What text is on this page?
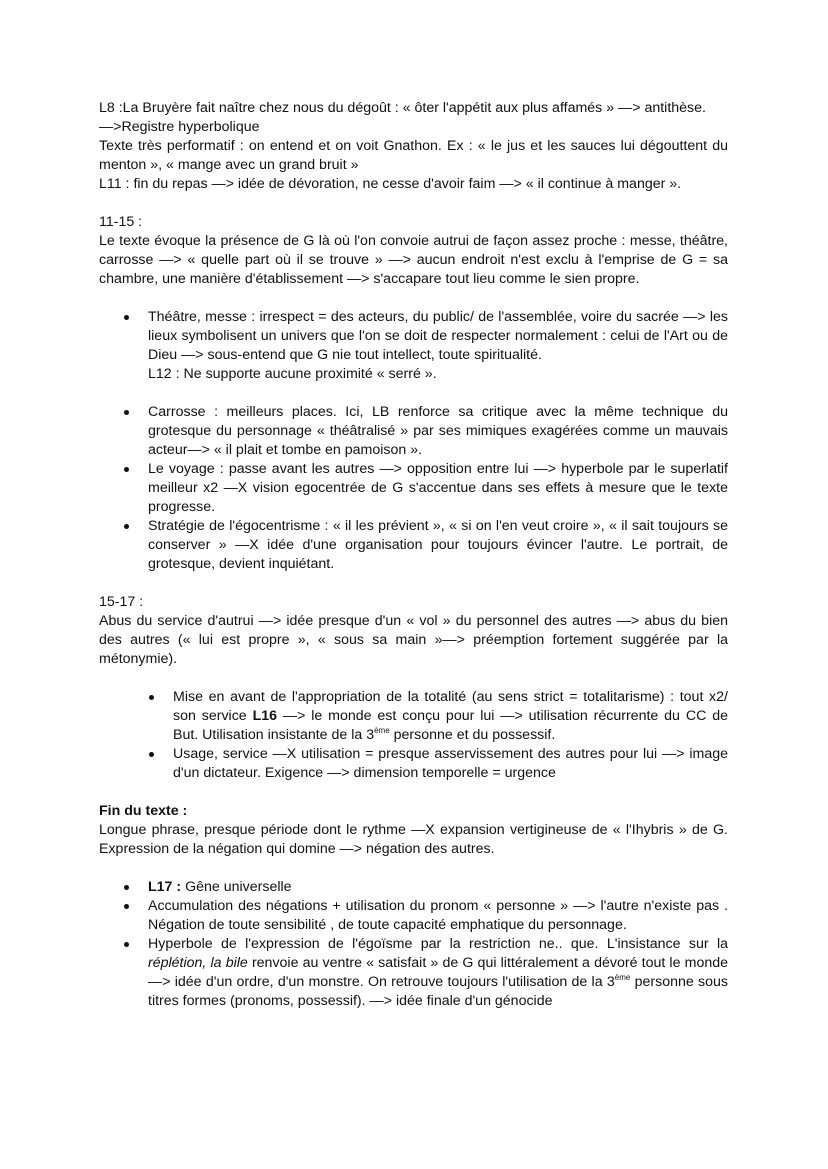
L8 :La Bruyère fait naître chez nous du dégoût : « ôter l'appétit aux plus affamés » —> antithèse.

—>Registre hyperbolique

Texte très performatif : on entend et on voit Gnathon. Ex : « le jus et les sauces lui dégouttent du menton », « mange avec un grand bruit »

L11 : fin du repas —> idée de dévoration, ne cesse d'avoir faim —> « il continue à manger ».

11-15 :

Le texte évoque la présence de G là où l'on convoie autrui de façon assez proche : messe, théâtre, carrosse —> « quelle part où il se trouve » —> aucun endroit n'est exclu à l'emprise de G = sa chambre, une manière d'établissement —> s'accapare tout lieu comme le sien propre.

Théâtre, messe : irrespect = des acteurs, du public/ de l'assemblée, voire du sacrée —> les lieux symbolisent un univers que l'on se doit de respecter normalement : celui de l'Art ou de Dieu —> sous-entend que G nie tout intellect, toute spiritualité.

L12 : Ne supporte aucune proximité « serré ».

Carrosse : meilleurs places. Ici, LB renforce sa critique avec la même technique du grotesque du personnage « théâtralisé » par ses mimiques exagérées comme un mauvais acteur—> « il plait et tombe en pamoison ».
Le voyage : passe avant les autres —> opposition entre lui —> hyperbole par le superlatif meilleur x2 —X vision egocentrée de G s'accentue dans ses effets à mesure que le texte progresse.
Stratégie de l'égocentrisme : « il les prévient », « si on l'en veut croire », « il sait toujours se conserver » —X idée d'une organisation pour toujours évincer l'autre. Le portrait, de grotesque, devient inquiétant.

15-17 :

Abus du service d'autrui —> idée presque d'un « vol » du personnel des autres —> abus du bien des autres (« lui est propre », « sous sa main »—> préemption fortement suggérée par la métonymie).

Mise en avant de l'appropriation de la totalité (au sens strict = totalitarisme) : tout x2/ son service L16 —> le monde est conçu pour lui —> utilisation récurrente du CC de But. Utilisation insistante de la 3ème personne et du possessif.
Usage, service —X utilisation = presque asservissement des autres pour lui —> image d'un dictateur. Exigence —> dimension temporelle = urgence

Fin du texte :

Longue phrase, presque période dont le rythme —X expansion vertigineuse de « l'Ihybris » de G. Expression de la négation qui domine —> négation des autres.

L17 : Gêne universelle
Accumulation des négations + utilisation du pronom « personne » —> l'autre n'existe pas . Négation de toute sensibilité , de toute capacité emphatique du personnage.
Hyperbole de l'expression de l'égoïsme par la restriction ne.. que. L'insistance sur la réplétion, la bile renvoie au ventre « satisfait » de G qui littéralement a dévoré tout le monde —> idée d'un ordre, d'un monstre. On retrouve toujours l'utilisation de la 3ème personne sous titres formes (pronoms, possessif). —> idée finale d'un génocide
